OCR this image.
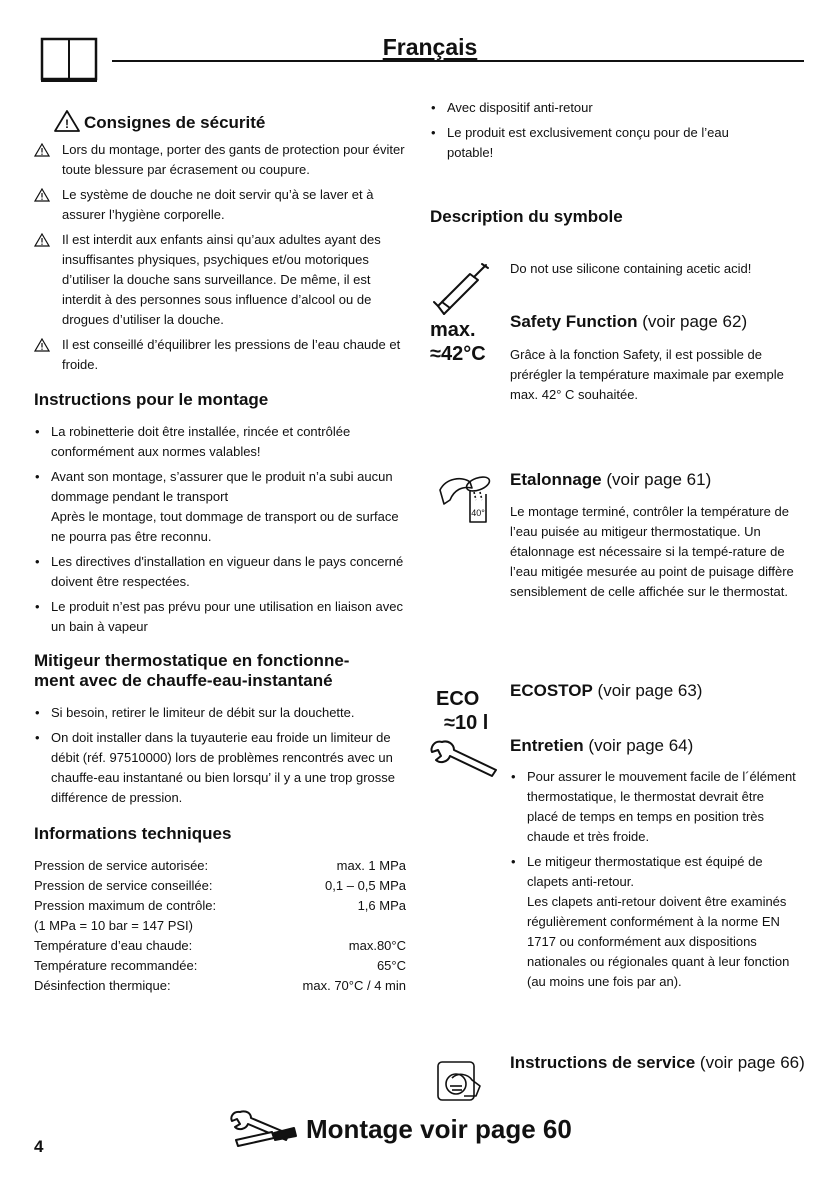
Français
! Consignes de sécurité
Lors du montage, porter des gants de protection pour éviter toute blessure par écrasement ou coupure.
Le système de douche ne doit servir qu’à se laver et à assurer l’hygiène corporelle.
Il est interdit aux enfants ainsi qu’aux adultes ayant des insuffisantes physiques, psychiques et/ou motoriques d’utiliser la douche sans surveillance. De même, il est interdit à des personnes sous influence d’alcool ou de drogues d’utiliser la douche.
Il est conseillé d’équilibrer les pressions de l’eau chaude et froide.
Instructions pour le montage
• La robinetterie doit être installée, rincée et contrôlée conformément aux normes valables!
• Avant son montage, s’assurer que le produit n’a subi aucun dommage pendant le transport
Après le montage, tout dommage de transport ou de surface ne pourra pas être reconnu.
• Les directives d'installation en vigueur dans le pays concerné doivent être respectées.
• Le produit n’est pas prévu pour une utilisation en liaison avec un bain à vapeur
Mitigeur thermostatique en fonctionne-
ment avec de chauffe-eau-instantané
• Si besoin, retirer le limiteur de débit sur la douchette.
• On doit installer dans la tuyauterie eau froide un limiteur de débit (réf. 97510000) lors de problèmes rencontrés avec un chauffe-eau instantané ou bien lorsqu’ il y a une trop grosse différence de pression.
Informations techniques
Pression de service autorisée:	max. 1 MPa
Pression de service conseillée:	0,1 – 0,5 MPa
Pression maximum de contrôle:	1,6 MPa
(1 MPa = 10 bar = 147 PSI)	
Température d’eau chaude:	max.80°C
Température recommandée:	65°C
Désinfection thermique:	max. 70°C / 4 min
• Avec dispositif anti-retour
• Le produit est exclusivement conçu pour de l’eau potable!
Description du symbole
Do not use silicone containing acetic acid!
max.
≈42°C
Safety Function (voir page 62)
Grâce à la fonction Safety, il est possible de prérégler la température maximale par exemple max. 42° C souhaitée.
40°
Etalonnage (voir page 61)
Le montage terminé, contrôler la température de l’eau puisée au mitigeur thermostatique. Un étalonnage est nécessaire si la tempé-rature de l’eau mitigée mesurée au point de puisage diffère sensiblement de celle affichée sur le thermostat.
ECO
≈10 l
ECOSTOP (voir page 63)
Entretien (voir page 64)
• Pour assurer le mouvement facile de l´élément thermostatique, le thermostat devrait être placé de temps en temps en position très chaude et très froide.
• Le mitigeur thermostatique est équipé de clapets anti-retour.
Les clapets anti-retour doivent être examinés régulièrement conformément à la norme EN 1717 ou conformément aux dispositions nationales ou régionales quant à leur fonction (au moins une fois par an).
Instructions de service (voir page 66)
4
Montage voir page 60
